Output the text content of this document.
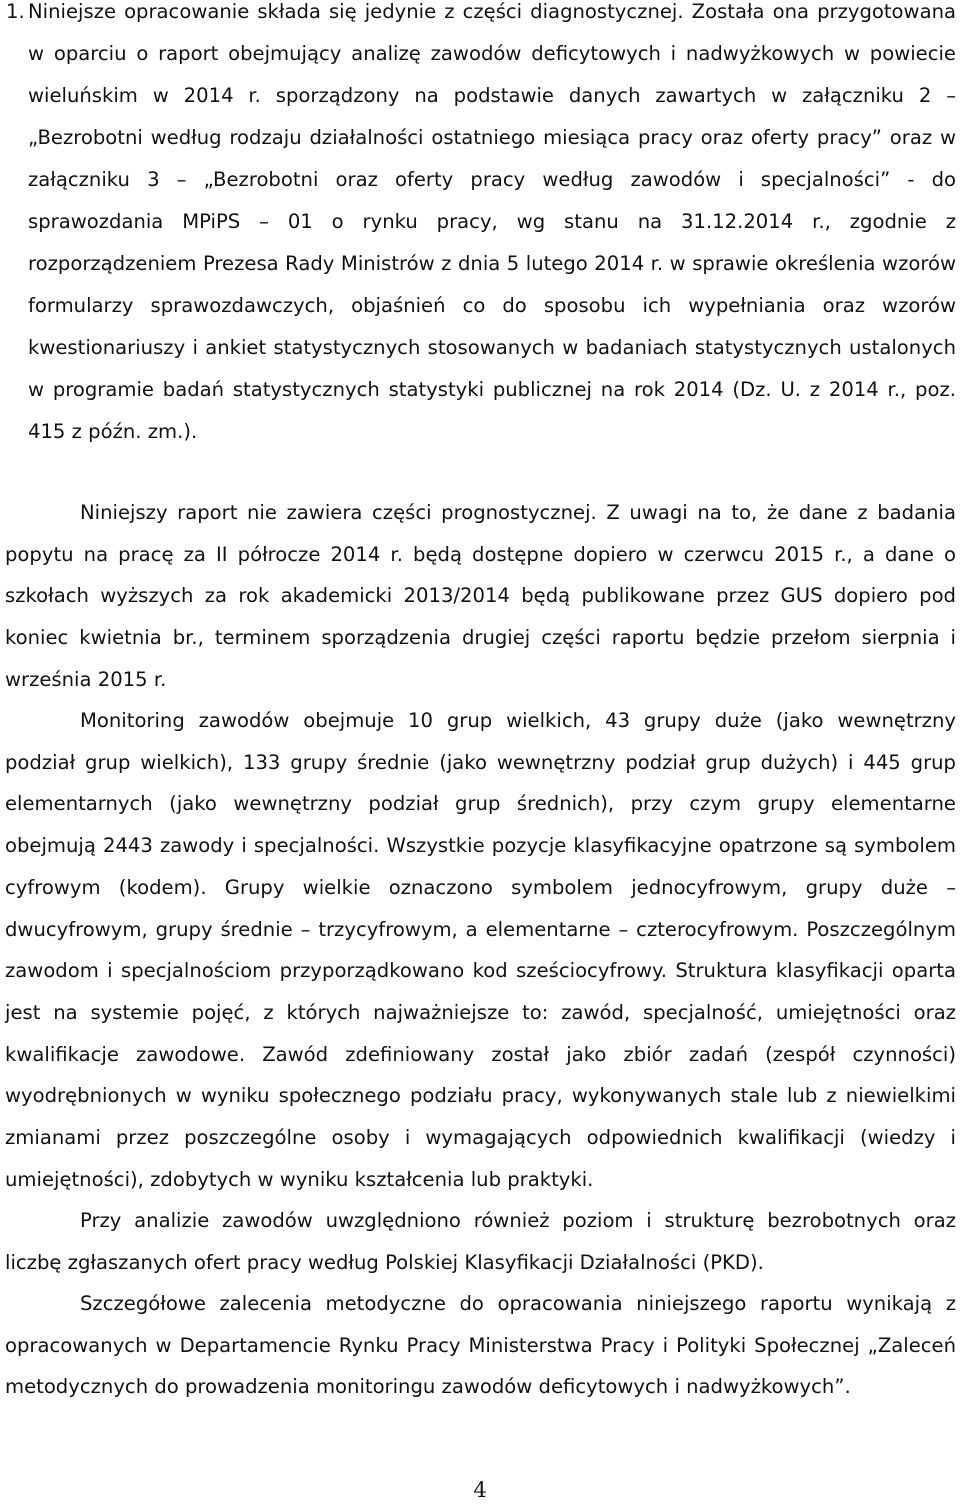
1. Niniejsze opracowanie składa się jedynie z części diagnostycznej. Została ona przygotowana w oparciu o raport obejmujący analizę zawodów deficytowych i nadwyżkowych w powiecie wieluńskim w 2014 r. sporządzony na podstawie danych zawartych w załączniku 2 – „Bezrobotni według rodzaju działalności ostatniego miesiąca pracy oraz oferty pracy” oraz w załączniku 3 – „Bezrobotni oraz oferty pracy według zawodów i specjalności” - do sprawozdania MPiPS – 01 o rynku pracy, wg stanu na 31.12.2014 r., zgodnie z rozporządzeniem Prezesa Rady Ministrów z dnia 5 lutego 2014 r. w sprawie określenia wzorów formularzy sprawozdawczych, objaśnień co do sposobu ich wypełniania oraz wzorów kwestionariuszy i ankiet statystycznych stosowanych w badaniach statystycznych ustalonych w programie badań statystycznych statystyki publicznej na rok 2014 (Dz. U. z 2014 r., poz. 415 z późn. zm.).

Niniejszy raport nie zawiera części prognostycznej. Z uwagi na to, że dane z badania popytu na pracę za II półrocze 2014 r. będą dostępne dopiero w czerwcu 2015 r., a dane o szkołach wyższych za rok akademicki 2013/2014 będą publikowane przez GUS dopiero pod koniec kwietnia br., terminem sporządzenia drugiej części raportu będzie przełom sierpnia i września 2015 r.

Monitoring zawodów obejmuje 10 grup wielkich, 43 grupy duże (jako wewnętrzny podział grup wielkich), 133 grupy średnie (jako wewnętrzny podział grup dużych) i 445 grup elementarnych (jako wewnętrzny podział grup średnich), przy czym grupy elementarne obejmują 2443 zawody i specjalności. Wszystkie pozycje klasyfikacyjne opatrzone są symbolem cyfrowym (kodem). Grupy wielkie oznaczono symbolem jednocyfrowym, grupy duże – dwucyfrowym, grupy średnie – trzycyfrowym, a elementarne – czterocyfrowym. Poszczególnym zawodom i specjalnościom przyporządkowano kod sześciocyfrowy. Struktura klasyfikacji oparta jest na systemie pojęć, z których najważniejsze to: zawód, specjalność, umiejętności oraz kwalifikacje zawodowe. Zawód zdefiniowany został jako zbiór zadań (zespół czynności) wyodrębnionych w wyniku społecznego podziału pracy, wykonywanych stale lub z niewielkimi zmianami przez poszczególne osoby i wymagających odpowiednich kwalifikacji (wiedzy i umiejętności), zdobytych w wyniku kształcenia lub praktyki.

Przy analizie zawodów uwzględniono również poziom i strukturę bezrobotnych oraz liczbę zgłaszanych ofert pracy według Polskiej Klasyfikacji Działalności (PKD).

Szczegółowe zalecenia metodyczne do opracowania niniejszego raportu wynikają z opracowanych w Departamencie Rynku Pracy Ministerstwa Pracy i Polityki Społecznej „Zaleceń metodycznych do prowadzenia monitoringu zawodów deficytowych i nadwyżkowych”.

4
